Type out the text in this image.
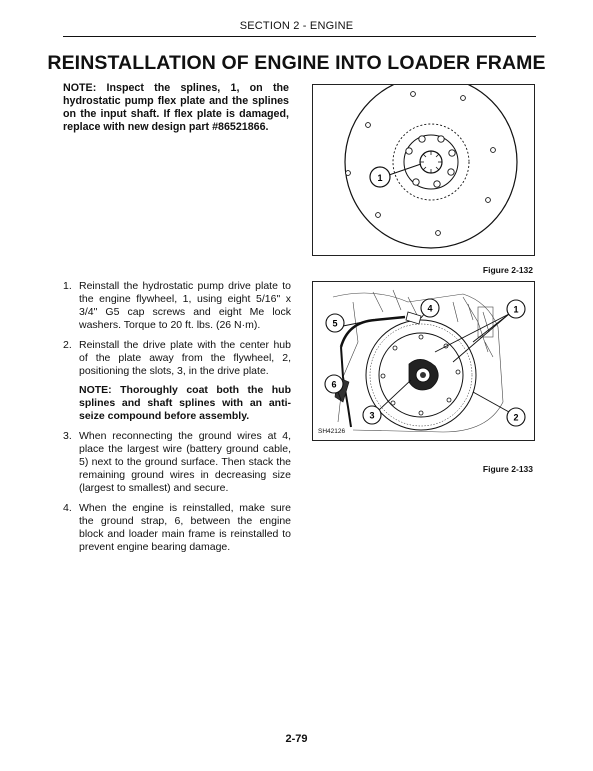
SECTION 2 - ENGINE
REINSTALLATION OF ENGINE INTO LOADER FRAME
NOTE: Inspect the splines, 1, on the hydrostatic pump flex plate and the splines on the input shaft. If flex plate is damaged, replace with new design part #86521866.
1
Figure 2-132
5
4	1
6
3	2
SH42126
Figure 2-133
1. Reinstall the hydrostatic pump drive plate to the engine flywheel, 1, using eight 5/16" x 3/4" G5 cap screws and eight Me lock washers. Torque to 20 ft. lbs. (26 N·m).
2. Reinstall the drive plate with the center hub of the plate away from the flywheel, 2, positioning the slots, 3, in the drive plate.
NOTE: Thoroughly coat both the hub splines and shaft splines with an anti-seize compound before assembly.
3. When reconnecting the ground wires at 4, place the largest wire (battery ground cable, 5) next to the ground surface. Then stack the remaining ground wires in decreasing size (largest to smallest) and secure.
4. When the engine is reinstalled, make sure the ground strap, 6, between the engine block and loader main frame is reinstalled to prevent engine bearing damage.
2-79
